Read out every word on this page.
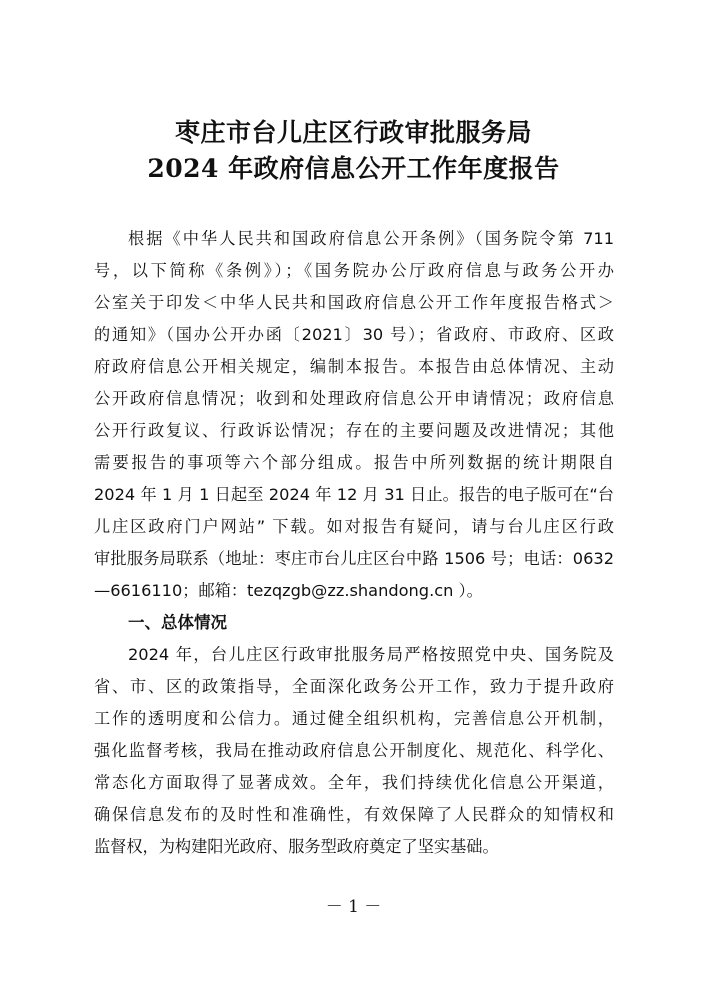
枣庄市台儿庄区行政审批服务局
2024 年政府信息公开工作年度报告
根据《中华人民共和国政府信息公开条例》（国务院令第 711
号，以下简称《条例》）；《国务院办公厅政府信息与政务公开办
公室关于印发＜中华人民共和国政府信息公开工作年度报告格式＞
的通知》（国办公开办函〔2021〕30 号）；省政府、市政府、区政
府政府信息公开相关规定，编制本报告。本报告由总体情况、主动
公开政府信息情况；收到和处理政府信息公开申请情况；政府信息
公开行政复议、行政诉讼情况；存在的主要问题及改进情况；其他
需要报告的事项等六个部分组成。报告中所列数据的统计期限自
2024 年 1 月 1 日起至 2024 年 12 月 31 日止。报告的电子版可在“台
儿庄区政府门户网站” 下载。如对报告有疑问，请与台儿庄区行政
审批服务局联系（地址：枣庄市台儿庄区台中路 1506 号；电话：0632
—6616110；邮箱：tezqzgb@zz.shandong.cn ）。
一、总体情况
2024 年，台儿庄区行政审批服务局严格按照党中央、国务院及
省、市、区的政策指导，全面深化政务公开工作，致力于提升政府
工作的透明度和公信力。通过健全组织机构，完善信息公开机制，
强化监督考核，我局在推动政府信息公开制度化、规范化、科学化、
常态化方面取得了显著成效。全年，我们持续优化信息公开渠道，
确保信息发布的及时性和准确性，有效保障了人民群众的知情权和
监督权，为构建阳光政府、服务型政府奠定了坚实基础。
－ 1 －
